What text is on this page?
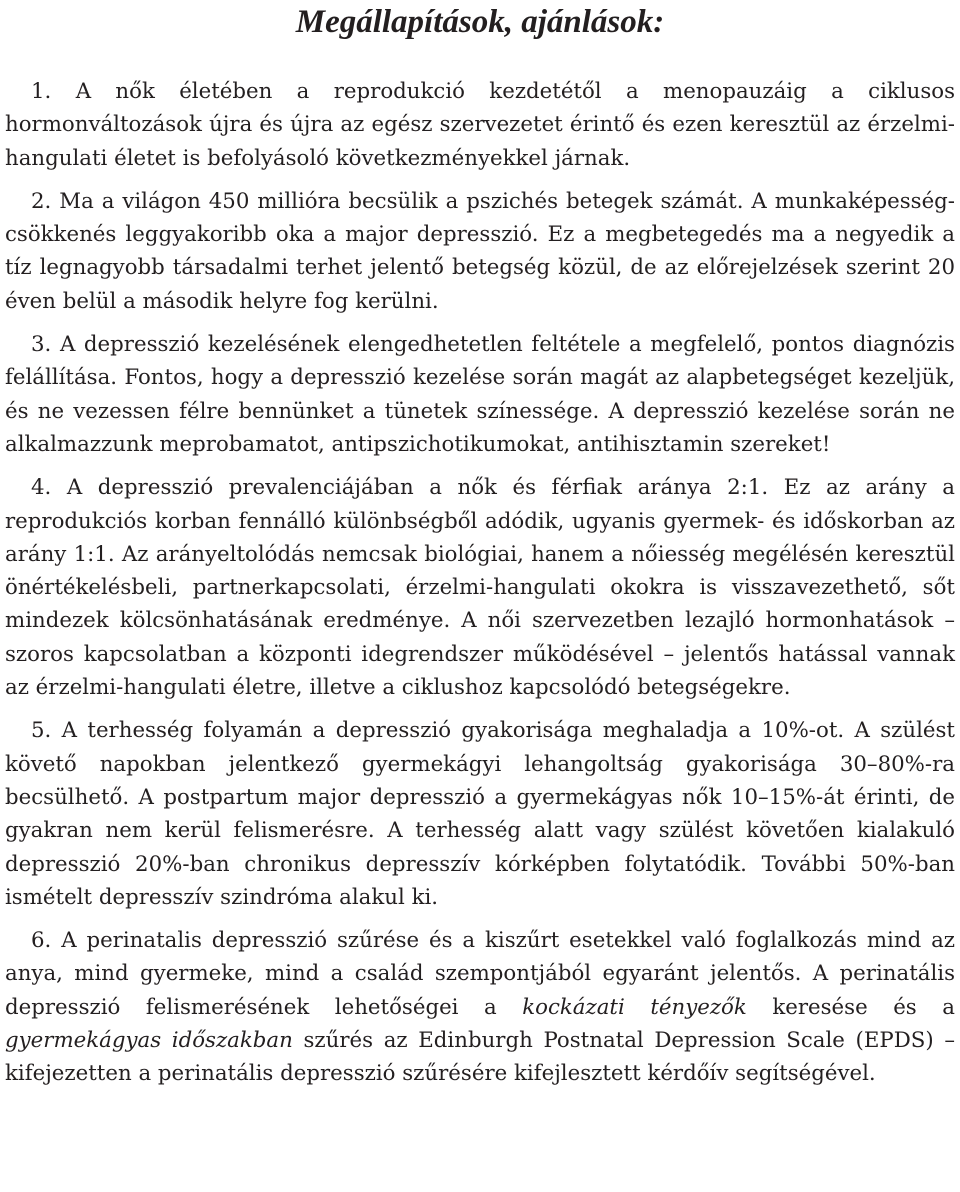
Megállapítások, ajánlások:

1. A nők életében a reprodukció kezdetétől a menopauzáig a ciklusos hormonváltozások újra és újra az egész szervezetet érintő és ezen keresztül az érzelmi-hangulati életet is befolyásoló következményekkel járnak.

2. Ma a világon 450 millióra becsülik a pszichés betegek számát. A munkaképesség-csökkenés leggyakoribb oka a major depresszió. Ez a megbetegedés ma a negyedik a tíz legnagyobb társadalmi terhet jelentő betegség közül, de az előrejelzések szerint 20 éven belül a második helyre fog kerülni.

3. A depresszió kezelésének elengedhetetlen feltétele a megfelelő, pontos diagnózis felállítása. Fontos, hogy a depresszió kezelése során magát az alapbetegséget kezeljük, és ne vezessen félre bennünket a tünetek színessége. A depresszió kezelése során ne alkalmazzunk meprobamatot, antipszichotikumokat, antihisztamin szereket!

4. A depresszió prevalenciájában a nők és férfiak aránya 2:1. Ez az arány a reprodukciós korban fennálló különbségből adódik, ugyanis gyermek- és időskorban az arány 1:1. Az arányeltolódás nemcsak biológiai, hanem a nőiesség megélésén keresztül önértékelésbeli, partnerkapcsolati, érzelmi-hangulati okokra is visszavezethető, sőt mindezek kölcsönhatásának eredménye. A női szervezetben lezajló hormonhatások – szoros kapcsolatban a központi idegrendszer működésével – jelentős hatással vannak az érzelmi-hangulati életre, illetve a ciklushoz kapcsolódó betegségekre.

5. A terhesség folyamán a depresszió gyakorisága meghaladja a 10%-ot. A szülést követő napokban jelentkező gyermekágyi lehangoltság gyakorisága 30–80%-ra becsülhető. A postpartum major depresszió a gyermekágyas nők 10–15%-át érinti, de gyakran nem kerül felismerésre. A terhesség alatt vagy szülést követően kialakuló depresszió 20%-ban chronikus depresszív kórképben folytatódik. További 50%-ban ismételt depresszív szindróma alakul ki.

6. A perinatalis depresszió szűrése és a kiszűrt esetekkel való foglalkozás mind az anya, mind gyermeke, mind a család szempontjából egyaránt jelentős. A perinatális depresszió felismerésének lehetőségei a kockázati tényezők keresése és a gyermekágyas időszakban szűrés az Edinburgh Postnatal Depression Scale (EPDS) – kifejezetten a perinatális depresszió szűrésére kifejlesztett kérdőív segítségével.
